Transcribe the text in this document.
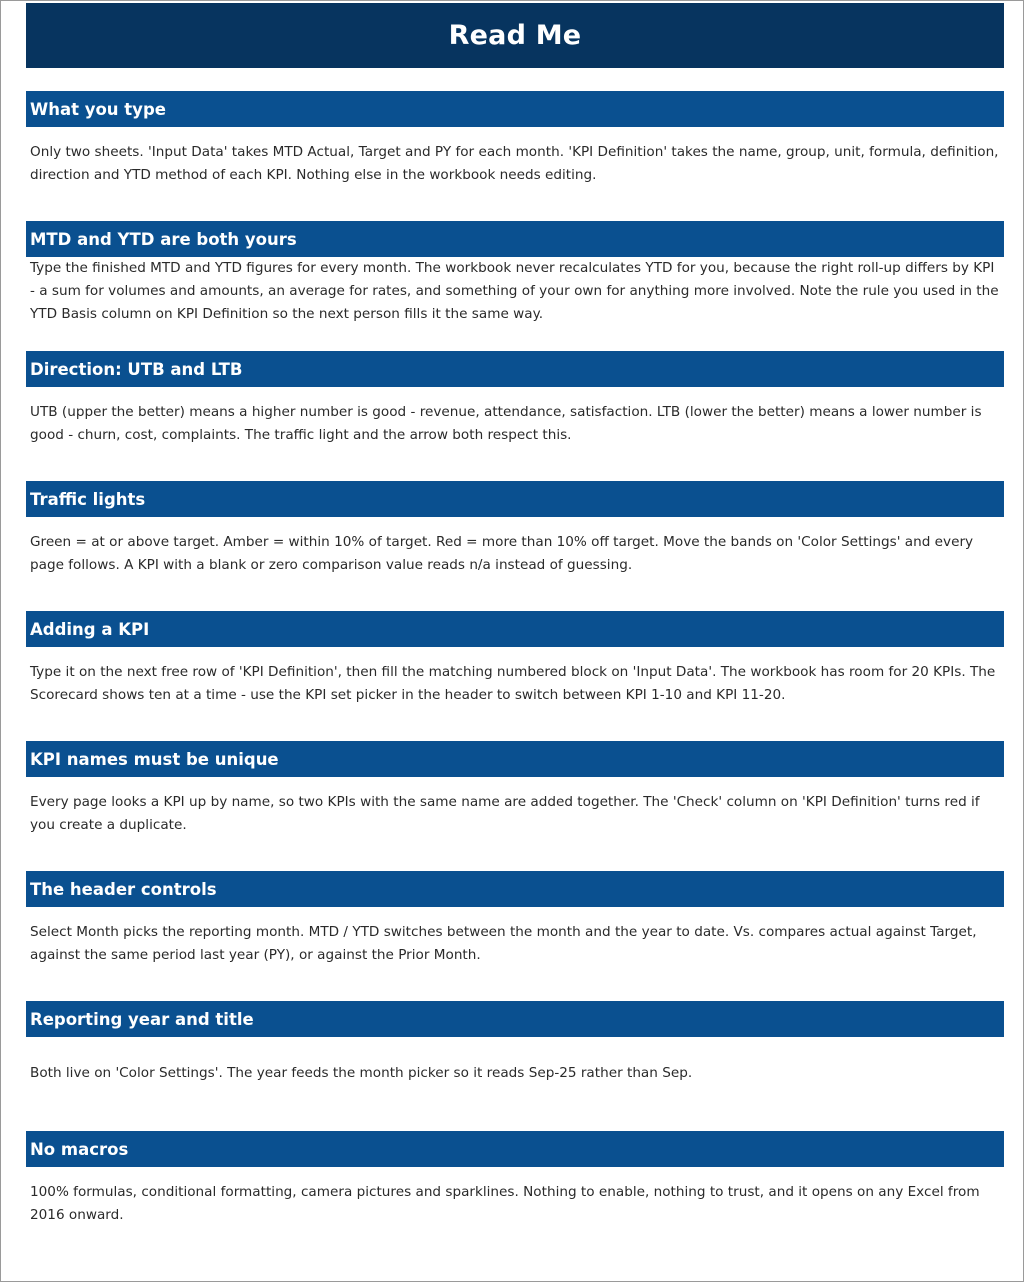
Read Me
What you type
Only two sheets. 'Input Data' takes MTD Actual, Target and PY for each month. 'KPI Definition' takes the name, group, unit, formula, definition, direction and YTD method of each KPI. Nothing else in the workbook needs editing.
MTD and YTD are both yours
Type the finished MTD and YTD figures for every month. The workbook never recalculates YTD for you, because the right roll-up differs by KPI - a sum for volumes and amounts, an average for rates, and something of your own for anything more involved. Note the rule you used in the YTD Basis column on KPI Definition so the next person fills it the same way.
Direction: UTB and LTB
UTB (upper the better) means a higher number is good - revenue, attendance, satisfaction. LTB (lower the better) means a lower number is good - churn, cost, complaints. The traffic light and the arrow both respect this.
Traffic lights
Green = at or above target. Amber = within 10% of target. Red = more than 10% off target. Move the bands on 'Color Settings' and every page follows. A KPI with a blank or zero comparison value reads n/a instead of guessing.
Adding a KPI
Type it on the next free row of 'KPI Definition', then fill the matching numbered block on 'Input Data'. The workbook has room for 20 KPIs. The Scorecard shows ten at a time - use the KPI set picker in the header to switch between KPI 1-10 and KPI 11-20.
KPI names must be unique
Every page looks a KPI up by name, so two KPIs with the same name are added together. The 'Check' column on 'KPI Definition' turns red if you create a duplicate.
The header controls
Select Month picks the reporting month. MTD / YTD switches between the month and the year to date. Vs. compares actual against Target, against the same period last year (PY), or against the Prior Month.
Reporting year and title
Both live on 'Color Settings'. The year feeds the month picker so it reads Sep-25 rather than Sep.
No macros
100% formulas, conditional formatting, camera pictures and sparklines. Nothing to enable, nothing to trust, and it opens on any Excel from 2016 onward.
